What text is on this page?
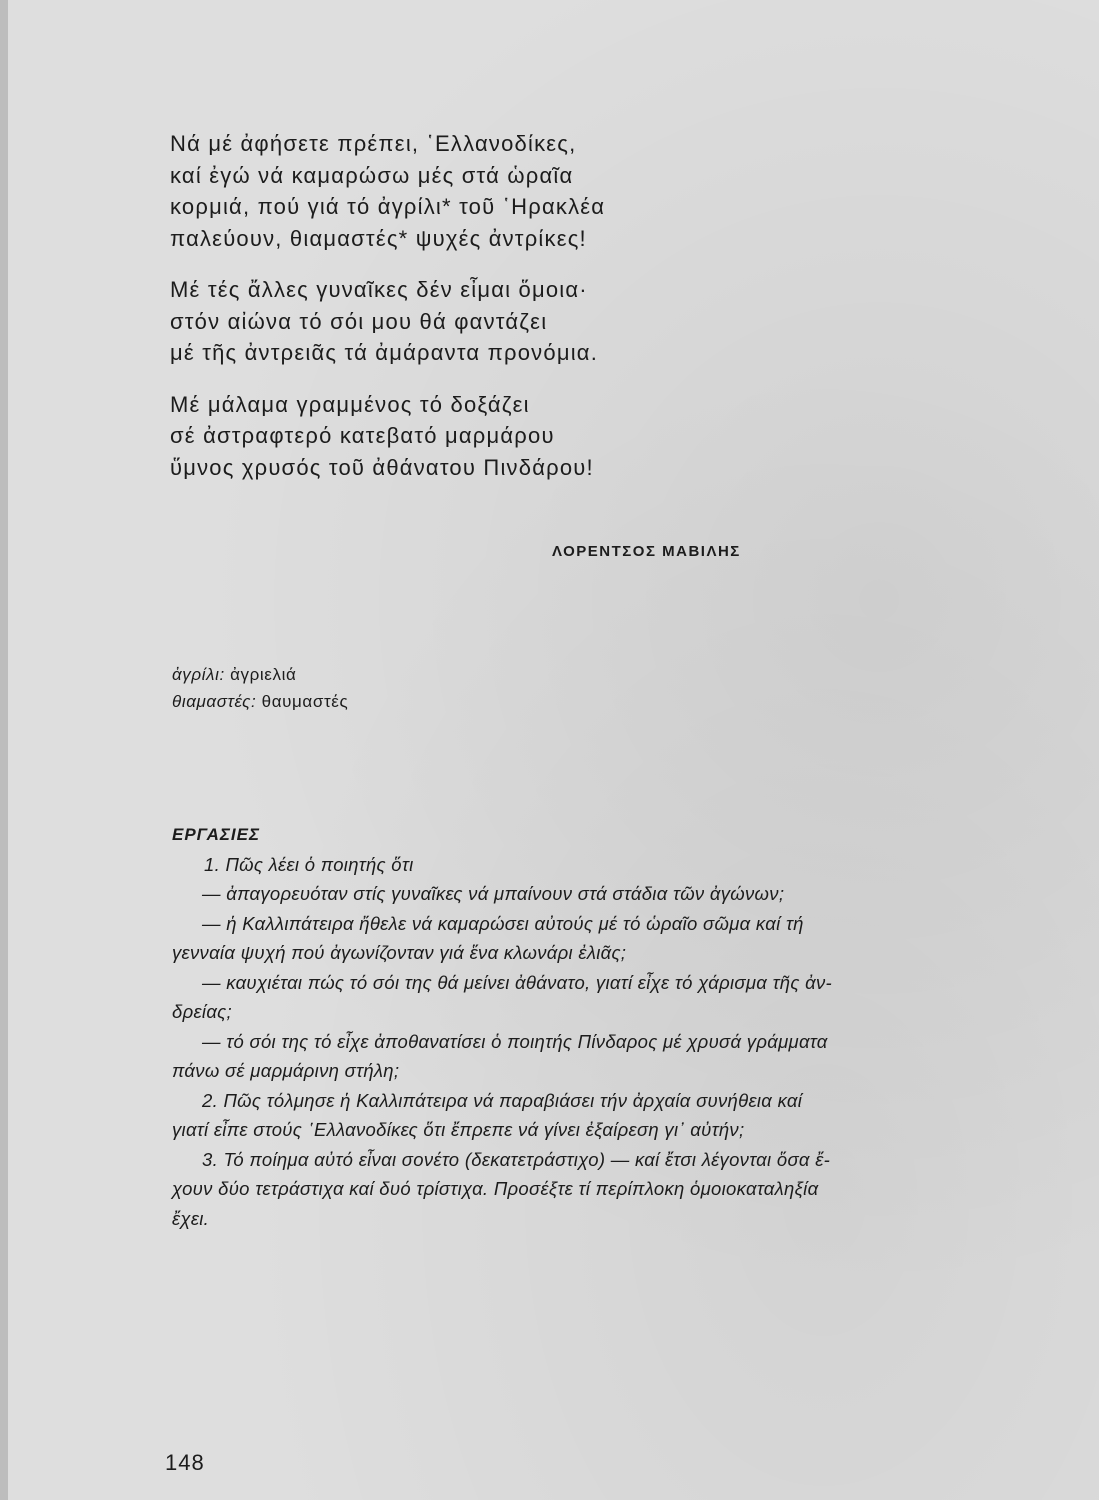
Νά μέ ἀφήσετε πρέπει, ῾Ελλανοδίκες,
καί ἐγώ νά καμαρώσω μές στά ὡραῖα
κορμιά, πού γιά τό ἀγρίλι* τοῦ ῾Ηρακλέα
παλεύουν, θιαμαστές* ψυχές ἀντρίκες!
Μέ τές ἄλλες γυναῖκες δέν εἶμαι ὅμοια·
στόν αἰώνα τό σόι μου θά φαντάζει
μέ τῆς ἀντρειᾶς τά ἀμάραντα προνόμια.
Μέ μάλαμα γραμμένος τό δοξάζει
σέ ἀστραφτερό κατεβατό μαρμάρου
ὕμνος χρυσός τοῦ ἀθάνατου Πινδάρου!
ΛΟΡΕΝΤΣΟΣ ΜΑΒΙΛΗΣ
ἀγρίλι: ἀγριελιά
θιαμαστές: θαυμαστές
ΕΡΓΑΣΙΕΣ
1. Πῶς λέει ὁ ποιητής ὅτι
— ἀπαγορευόταν στίς γυναῖκες νά μπαίνουν στά στάδια τῶν ἀγώνων;
— ἡ Καλλιπάτειρα ἤθελε νά καμαρώσει αὐτούς μέ τό ὡραῖο σῶμα καί τή
γενναία ψυχή πού ἀγωνίζονταν γιά ἕνα κλωνάρι ἐλιᾶς;
— καυχιέται πώς τό σόι της θά μείνει ἀθάνατο, γιατί εἶχε τό χάρισμα τῆς ἀν-
δρείας;
— τό σόι της τό εἶχε ἀποθανατίσει ὁ ποιητής Πίνδαρος μέ χρυσά γράμματα
πάνω σέ μαρμάρινη στήλη;
2. Πῶς τόλμησε ἡ Καλλιπάτειρα νά παραβιάσει τήν ἀρχαία συνήθεια καί
γιατί εἶπε στούς ῾Ελλανοδίκες ὅτι ἔπρεπε νά γίνει ἐξαίρεση γι᾿ αὐτήν;
3. Τό ποίημα αὐτό εἶναι σονέτο (δεκατετράστιχο) — καί ἔτσι λέγονται ὅσα ἔ-
χουν δύο τετράστιχα καί δυό τρίστιχα. Προσέξτε τί περίπλοκη ὁμοιοκαταληξία
ἔχει.
148
